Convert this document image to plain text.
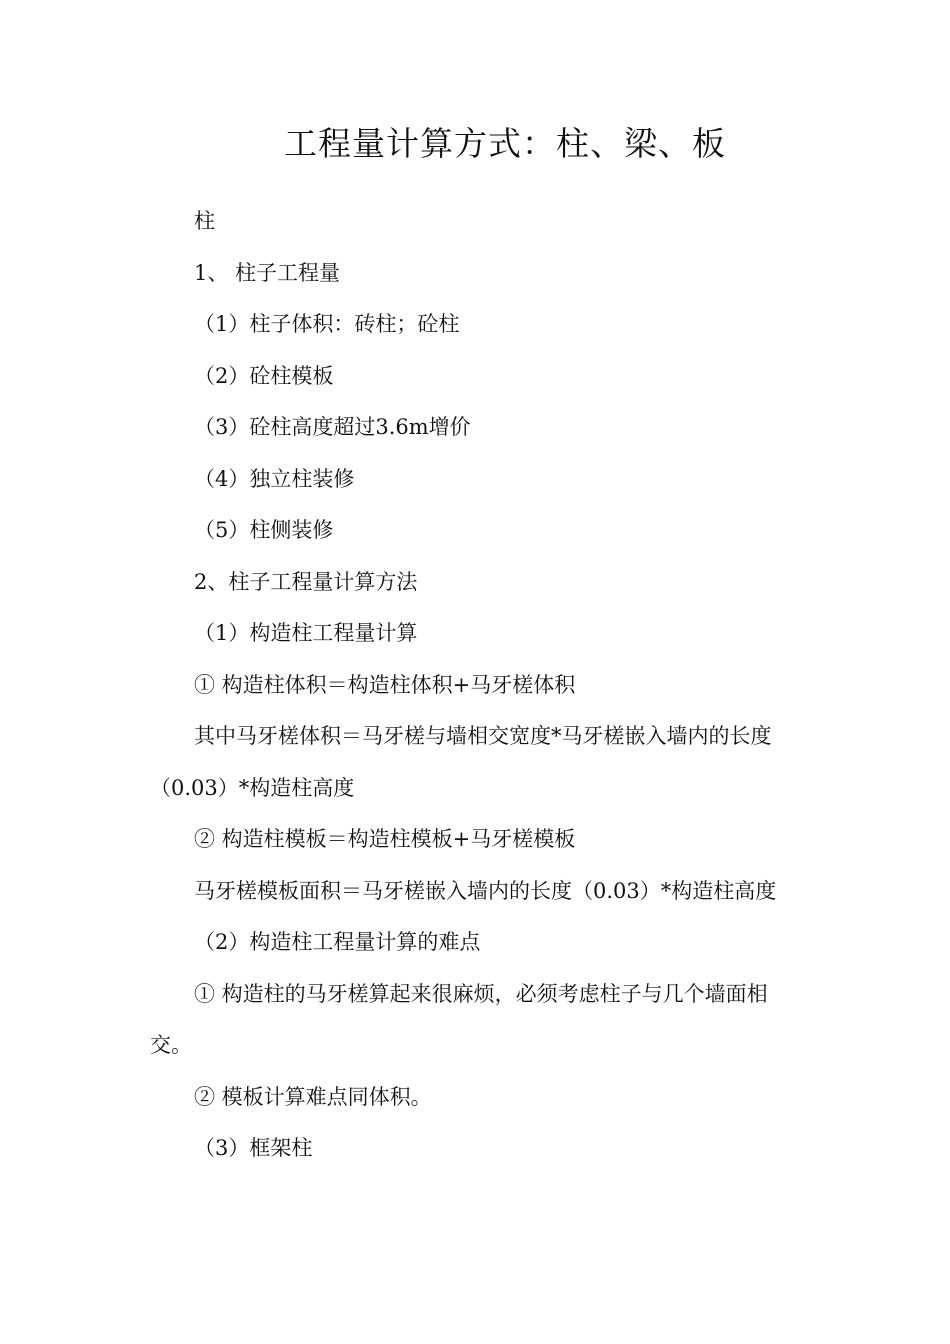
工程量计算方式：柱、梁、板

柱

1、 柱子工程量

（1）柱子体积：砖柱；砼柱

（2）砼柱模板

（3）砼柱高度超过3.6m增价

（4）独立柱装修

（5）柱侧装修

2、柱子工程量计算方法

（1）构造柱工程量计算

① 构造柱体积＝构造柱体积+马牙槎体积

其中马牙槎体积＝马牙槎与墙相交宽度*马牙槎嵌入墙内的长度（0.03）*构造柱高度

② 构造柱模板＝构造柱模板+马牙槎模板

马牙槎模板面积＝马牙槎嵌入墙内的长度（0.03）*构造柱高度

（2）构造柱工程量计算的难点

① 构造柱的马牙槎算起来很麻烦，必须考虑柱子与几个墙面相交。

② 模板计算难点同体积。

（3）框架柱
